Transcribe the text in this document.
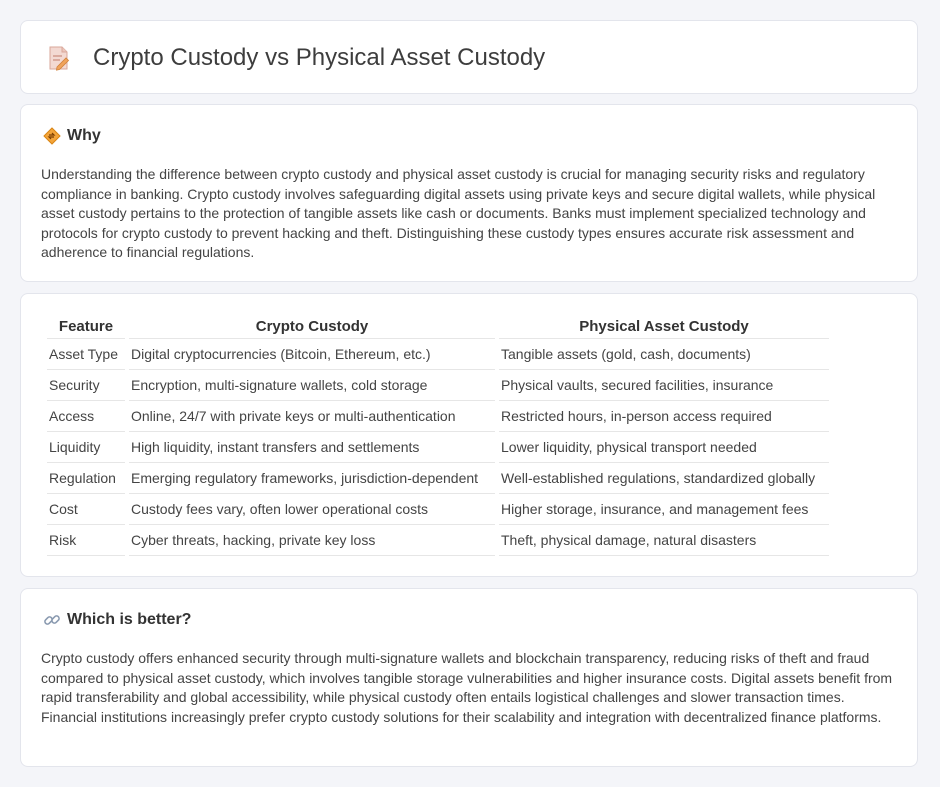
Crypto Custody vs Physical Asset Custody
Why

Understanding the difference between crypto custody and physical asset custody is crucial for managing security risks and regulatory compliance in banking. Crypto custody involves safeguarding digital assets using private keys and secure digital wallets, while physical asset custody pertains to the protection of tangible assets like cash or documents. Banks must implement specialized technology and protocols for crypto custody to prevent hacking and theft. Distinguishing these custody types ensures accurate risk assessment and adherence to financial regulations.

Feature	Crypto Custody	Physical Asset Custody
Asset Type	Digital cryptocurrencies (Bitcoin, Ethereum, etc.)	Tangible assets (gold, cash, documents)
Security	Encryption, multi-signature wallets, cold storage	Physical vaults, secured facilities, insurance
Access	Online, 24/7 with private keys or multi-authentication	Restricted hours, in-person access required
Liquidity	High liquidity, instant transfers and settlements	Lower liquidity, physical transport needed
Regulation	Emerging regulatory frameworks, jurisdiction-dependent	Well-established regulations, standardized globally
Cost	Custody fees vary, often lower operational costs	Higher storage, insurance, and management fees
Risk	Cyber threats, hacking, private key loss	Theft, physical damage, natural disasters
Which is better?

Crypto custody offers enhanced security through multi-signature wallets and blockchain transparency, reducing risks of theft and fraud compared to physical asset custody, which involves tangible storage vulnerabilities and higher insurance costs. Digital assets benefit from rapid transferability and global accessibility, while physical custody often entails logistical challenges and slower transaction times. Financial institutions increasingly prefer crypto custody solutions for their scalability and integration with decentralized finance platforms.
